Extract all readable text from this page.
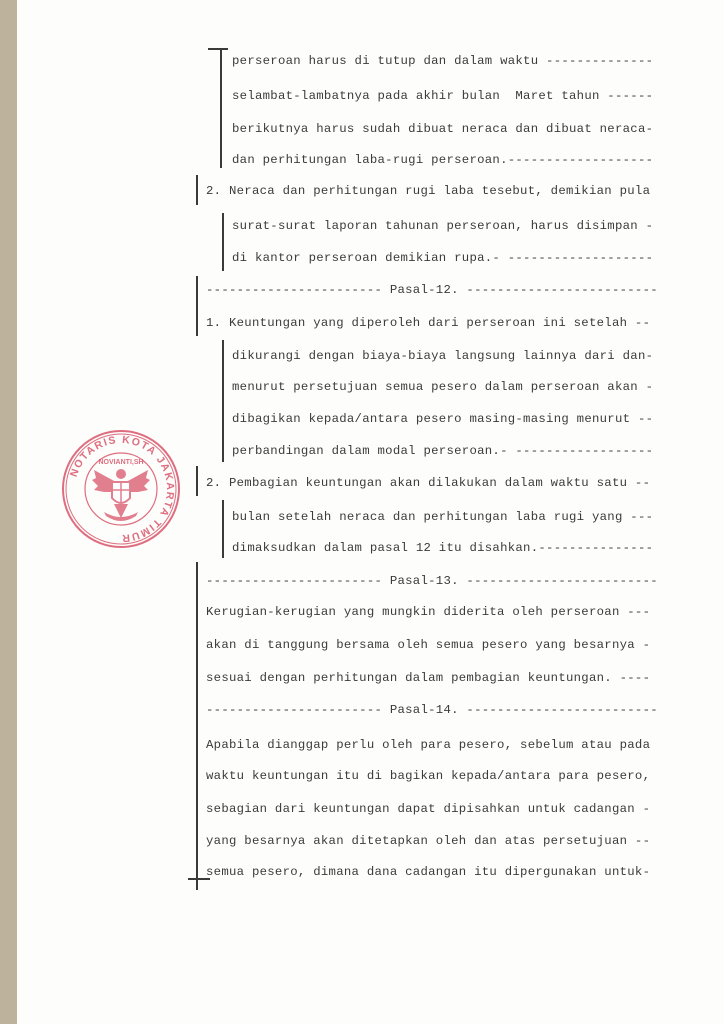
perseroan harus di tutup dan dalam waktu --------------
selambat-lambatnya pada akhir bulan  Maret tahun ------
berikutnya harus sudah dibuat neraca dan dibuat neraca-
dan perhitungan laba-rugi perseroan.-------------------
2. Neraca dan perhitungan rugi laba tesebut, demikian pula
surat-surat laporan tahunan perseroan, harus disimpan -
di kantor perseroan demikian rupa.- -------------------
----------------------- Pasal-12. -------------------------
1. Keuntungan yang diperoleh dari perseroan ini setelah --
dikurangi dengan biaya-biaya langsung lainnya dari dan-
menurut persetujuan semua pesero dalam perseroan akan -
dibagikan kepada/antara pesero masing-masing menurut --
perbandingan dalam modal perseroan.- ------------------
2. Pembagian keuntungan akan dilakukan dalam waktu satu --
bulan setelah neraca dan perhitungan laba rugi yang ---
dimaksudkan dalam pasal 12 itu disahkan.---------------
----------------------- Pasal-13. -------------------------
Kerugian-kerugian yang mungkin diderita oleh perseroan ---
akan di tanggung bersama oleh semua pesero yang besarnya -
sesuai dengan perhitungan dalam pembagian keuntungan. ----
----------------------- Pasal-14. -------------------------
Apabila dianggap perlu oleh para pesero, sebelum atau pada
waktu keuntungan itu di bagikan kepada/antara para pesero,
sebagian dari keuntungan dapat dipisahkan untuk cadangan -
yang besarnya akan ditetapkan oleh dan atas persetujuan --
semua pesero, dimana dana cadangan itu dipergunakan untuk-
NOTARIS KOTA JAKARTA TIMUR
NOVIANTI,SH
